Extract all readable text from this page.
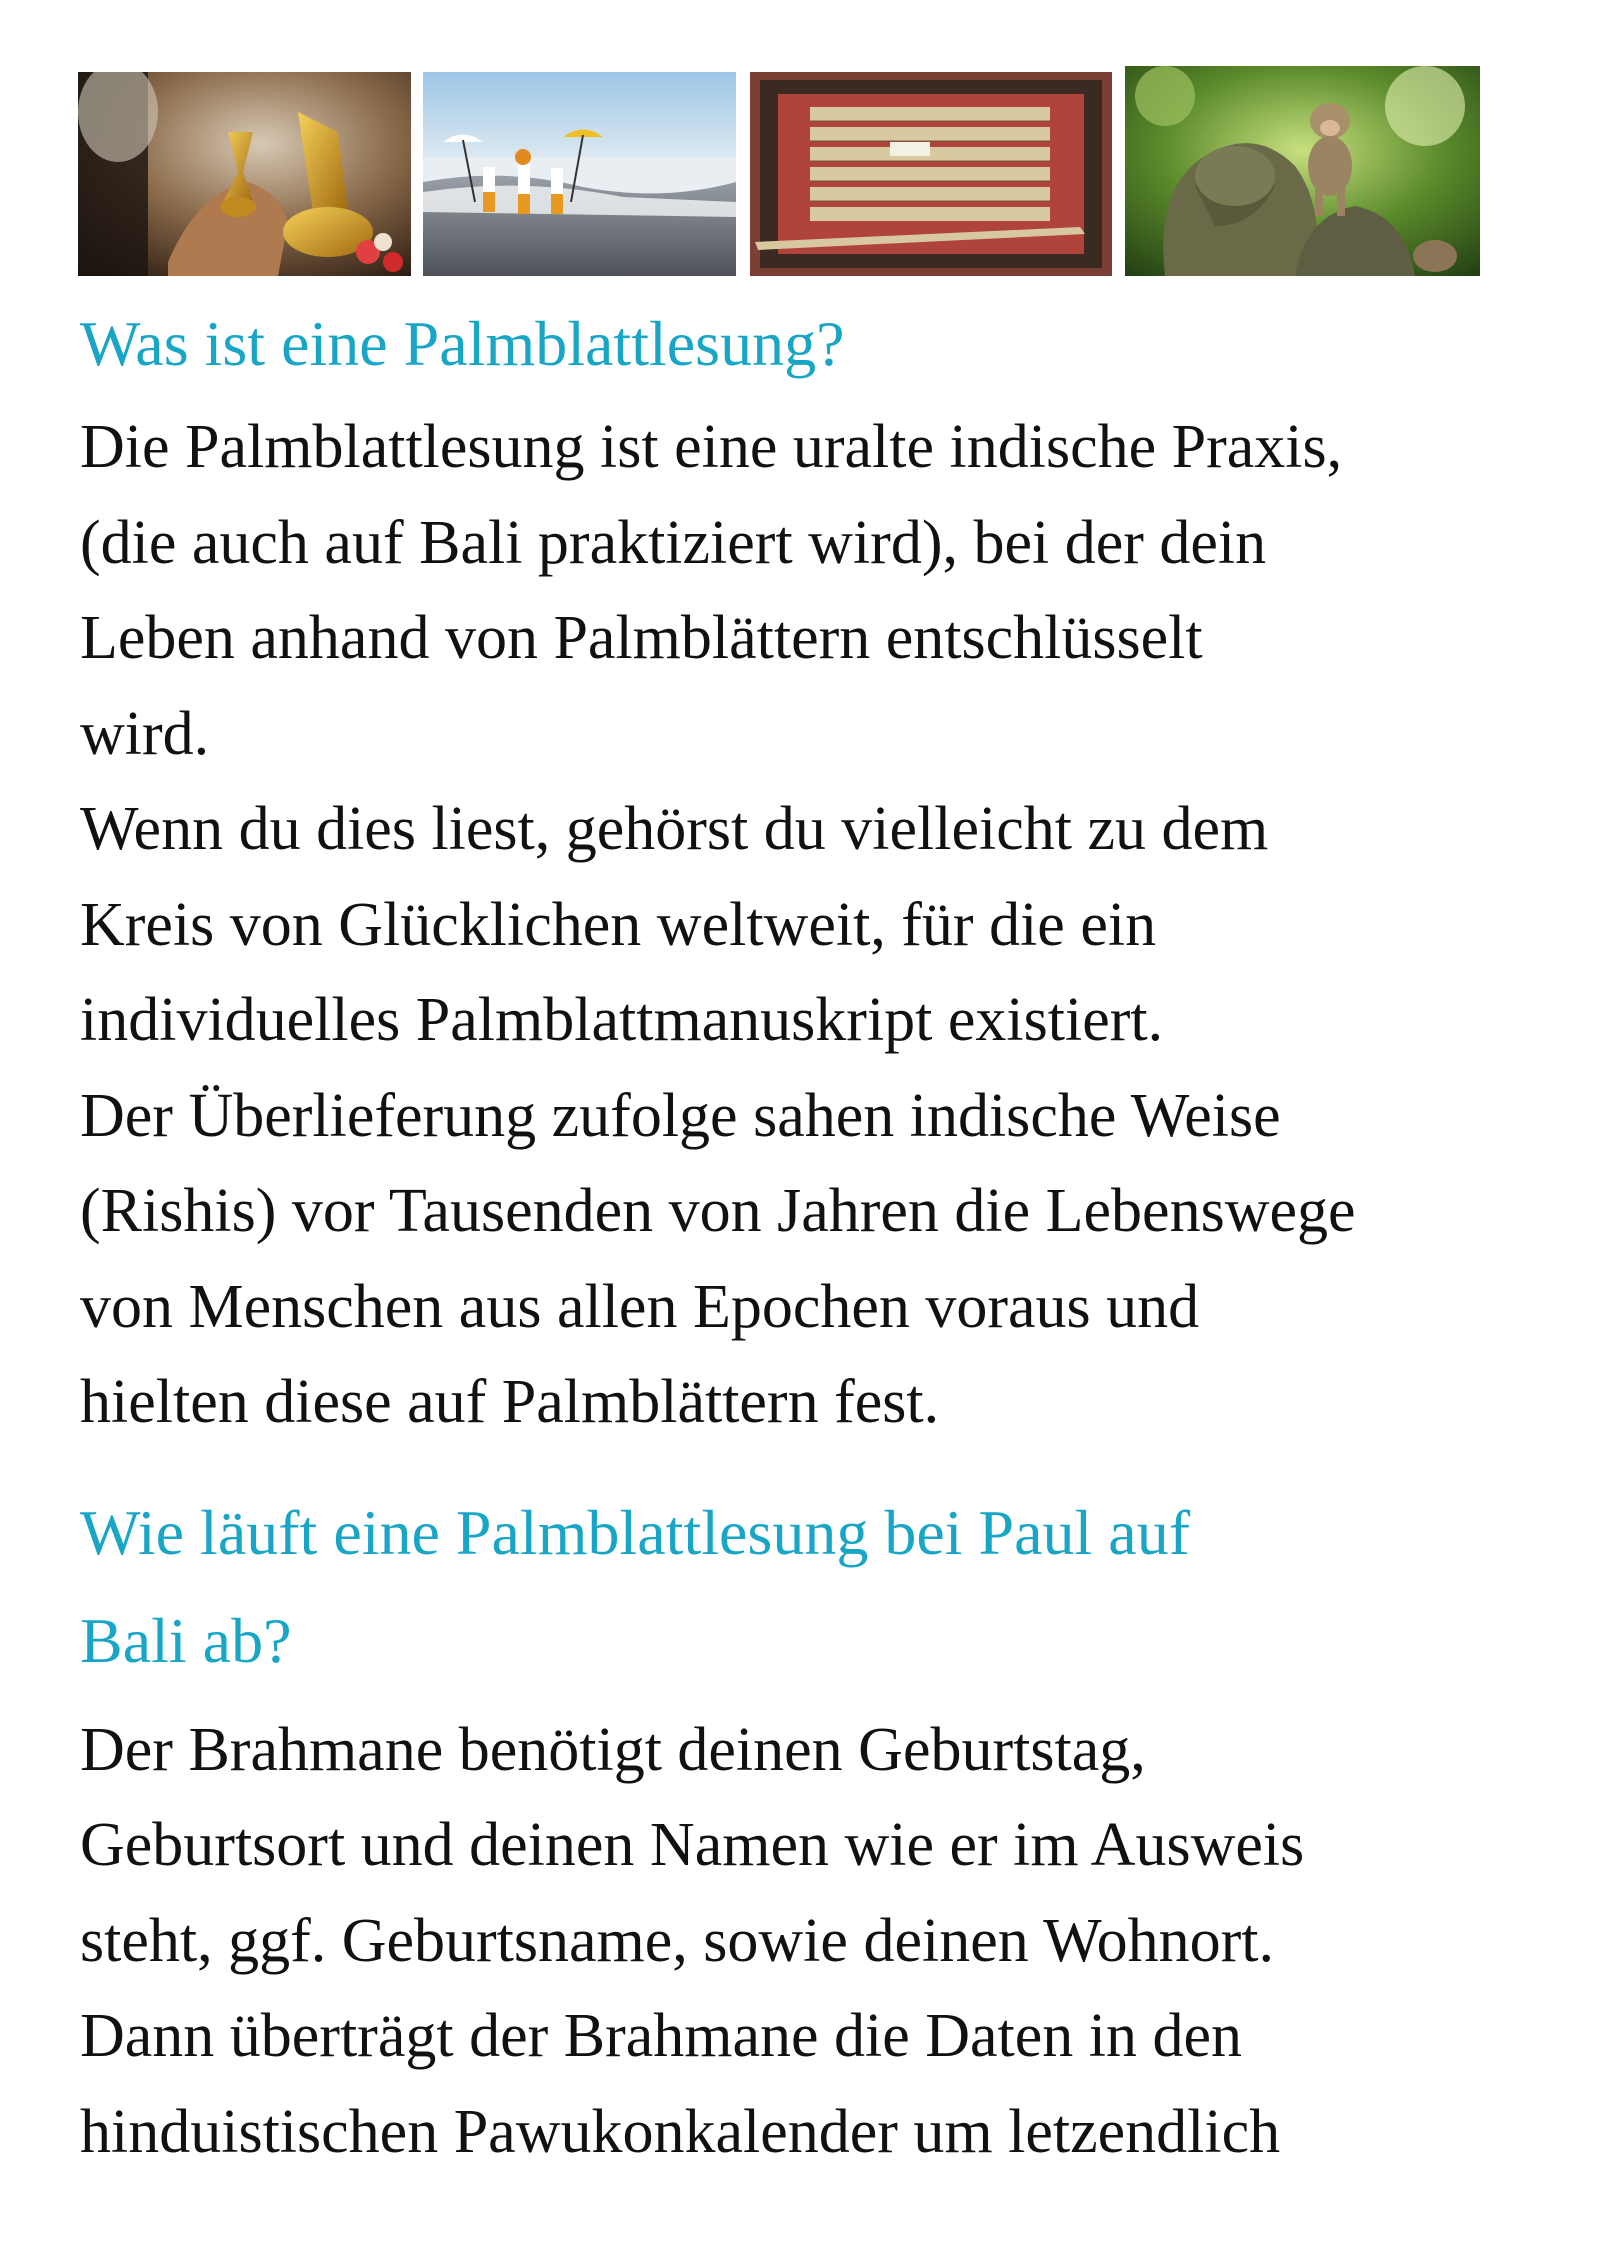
Was ist eine Palmblattlesung?

Die Palmblattlesung ist eine uralte indische Praxis,
(die auch auf Bali praktiziert wird), bei der dein
Leben anhand von Palmblättern entschlüsselt
wird.
Wenn du dies liest, gehörst du vielleicht zu dem
Kreis von Glücklichen weltweit, für die ein
individuelles Palmblattmanuskript existiert.
Der Überlieferung zufolge sahen indische Weise
(Rishis) vor Tausenden von Jahren die Lebenswege
von Menschen aus allen Epochen voraus und
hielten diese auf Palmblättern fest.

Wie läuft eine Palmblattlesung bei Paul auf
Bali ab?

Der Brahmane benötigt deinen Geburtstag,
Geburtsort und deinen Namen wie er im Ausweis
steht, ggf. Geburtsname, sowie deinen Wohnort.
Dann überträgt der Brahmane die Daten in den
hinduistischen Pawukonkalender um letzendlich
